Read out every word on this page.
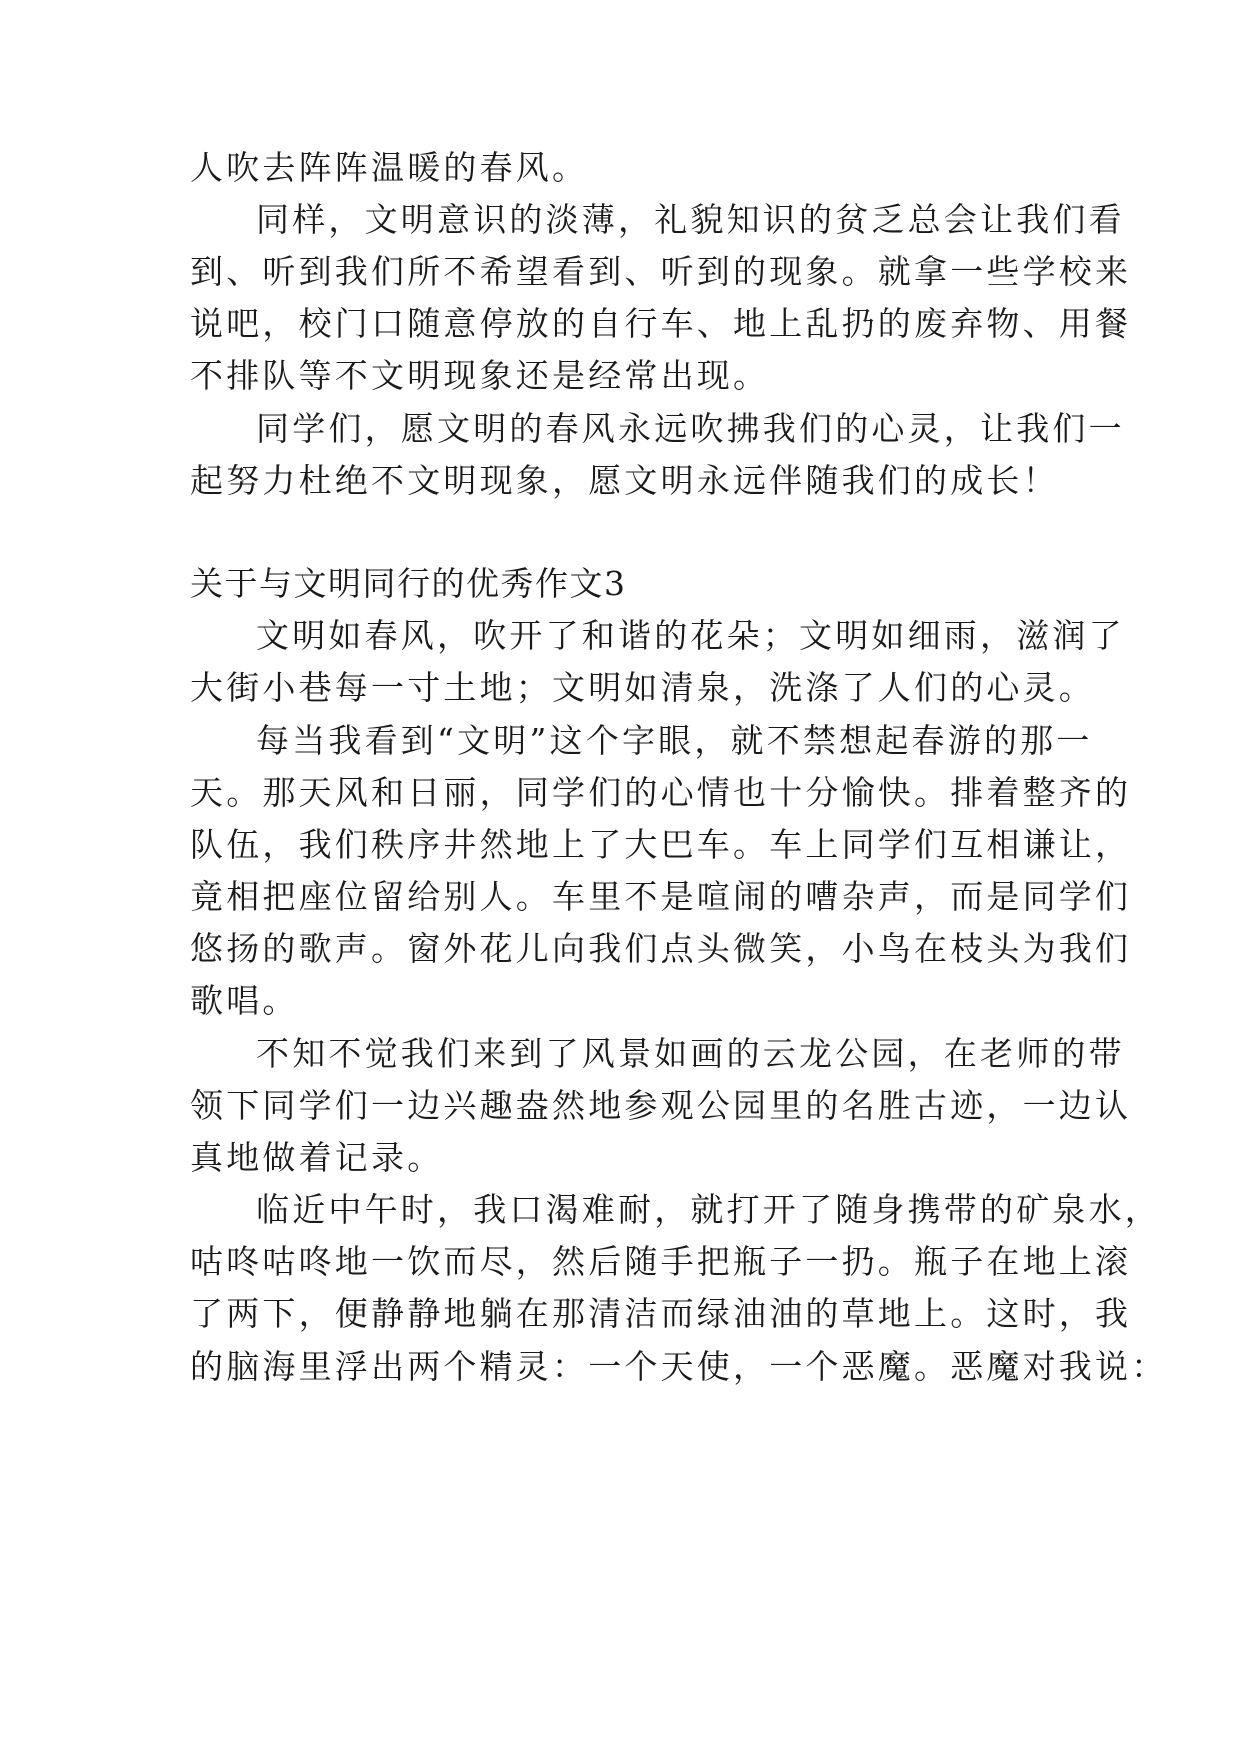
人吹去阵阵温暖的春风。
同样，文明意识的淡薄，礼貌知识的贫乏总会让我们看
到、听到我们所不希望看到、听到的现象。就拿一些学校来
说吧，校门口随意停放的自行车、地上乱扔的废弃物、用餐
不排队等不文明现象还是经常出现。
同学们，愿文明的春风永远吹拂我们的心灵，让我们一
起努力杜绝不文明现象，愿文明永远伴随我们的成长！
关于与文明同行的优秀作文3
文明如春风，吹开了和谐的花朵；文明如细雨，滋润了
大街小巷每一寸土地；文明如清泉，洗涤了人们的心灵。
每当我看到“文明”这个字眼，就不禁想起春游的那一
天。那天风和日丽，同学们的心情也十分愉快。排着整齐的
队伍，我们秩序井然地上了大巴车。车上同学们互相谦让，
竟相把座位留给别人。车里不是喧闹的嘈杂声，而是同学们
悠扬的歌声。窗外花儿向我们点头微笑，小鸟在枝头为我们
歌唱。
不知不觉我们来到了风景如画的云龙公园，在老师的带
领下同学们一边兴趣盎然地参观公园里的名胜古迹，一边认
真地做着记录。
临近中午时，我口渴难耐，就打开了随身携带的矿泉水，
咕咚咕咚地一饮而尽，然后随手把瓶子一扔。瓶子在地上滚
了两下，便静静地躺在那清洁而绿油油的草地上。这时，我
的脑海里浮出两个精灵：一个天使，一个恶魔。恶魔对我说：
